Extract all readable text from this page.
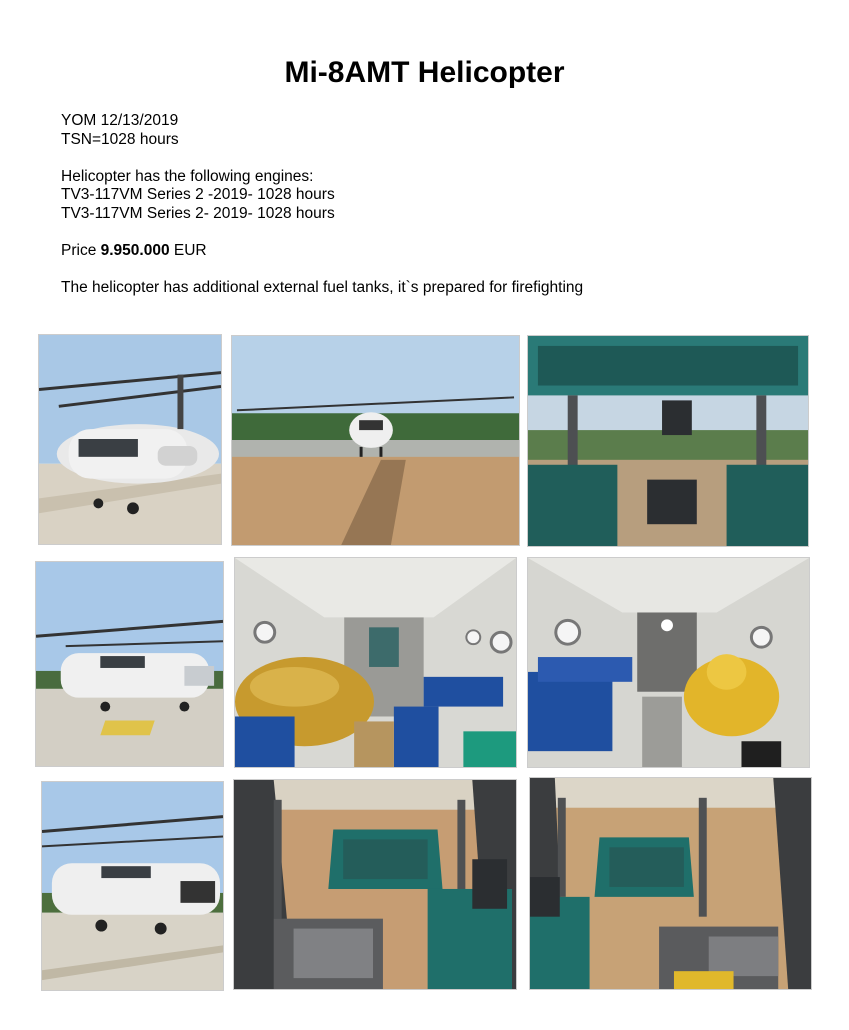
Mi-8AMT Helicopter

YOM 12/13/2019

TSN=1028 hours

Helicopter has the following engines:

TV3-117VM Series 2 -2019- 1028 hours

TV3-117VM Series 2- 2019- 1028 hours

Price 9.950.000 EUR

The helicopter has additional external fuel tanks, it`s prepared for firefighting
